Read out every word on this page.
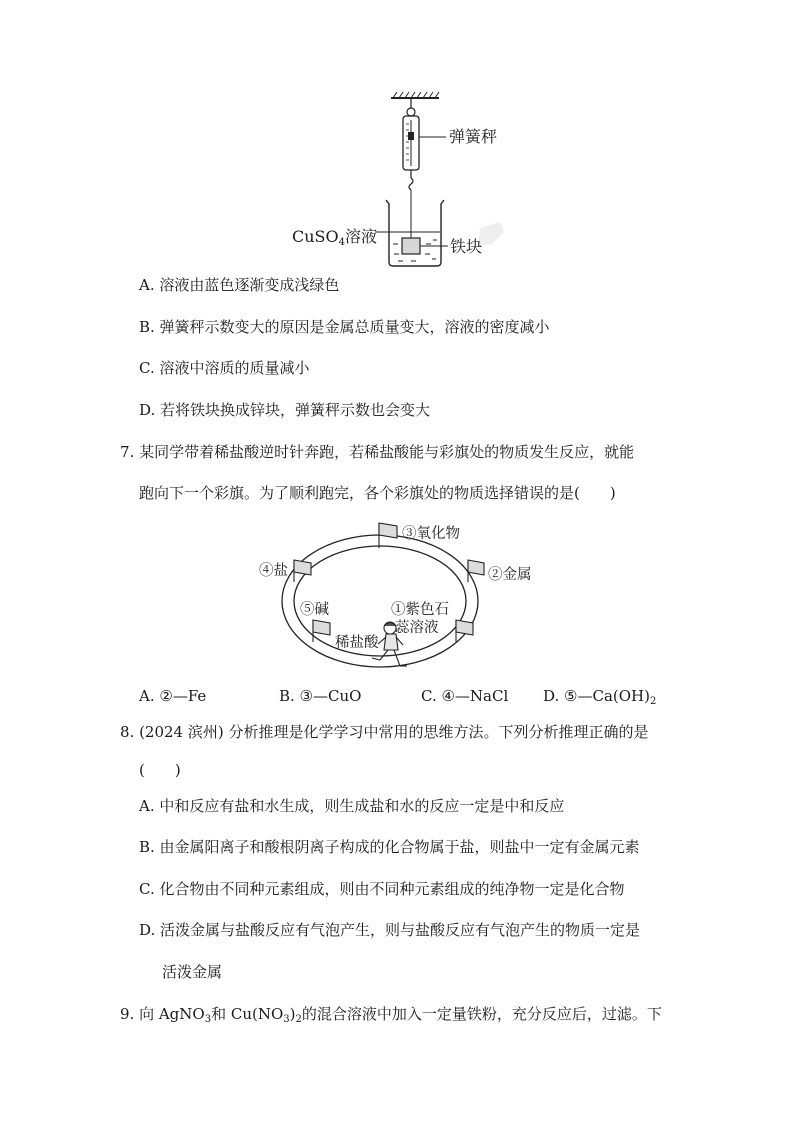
弹簧秤
CuSO$_4$溶液
铁块
A. 溶液由蓝色逐渐变成浅绿色
B. 弹簧秤示数变大的原因是金属总质量变大，溶液的密度减小
C. 溶液中溶质的质量减小
D. 若将铁块换成锌块，弹簧秤示数也会变大
7. 某同学带着稀盐酸逆时针奔跑，若稀盐酸能与彩旗处的物质发生反应，就能
跑向下一个彩旗。为了顺利跑完，各个彩旗处的物质选择错误的是(　　)
③氧化物
④盐	②金属
⑤碱	①紫色石
蕊溶液
稀盐酸
A. ②—Fe	B. ③—CuO	C. ④—NaCl D. $⑤—Ca(OH)_2$
8. (2024 滨州) 分析推理是化学学习中常用的思维方法。下列分析推理正确的是
(　　)
A. 中和反应有盐和水生成，则生成盐和水的反应一定是中和反应
B. 由金属阳离子和酸根阴离子构成的化合物属于盐，则盐中一定有金属元素
C. 化合物由不同种元素组成，则由不同种元素组成的纯净物一定是化合物
D. 活泼金属与盐酸反应有气泡产生，则与盐酸反应有气泡产生的物质一定是
活泼金属
9. 向 AgNO$_3$和 $Cu(NO_3)_2$的混合溶液中加入一定量铁粉，充分反应后，过滤。下
